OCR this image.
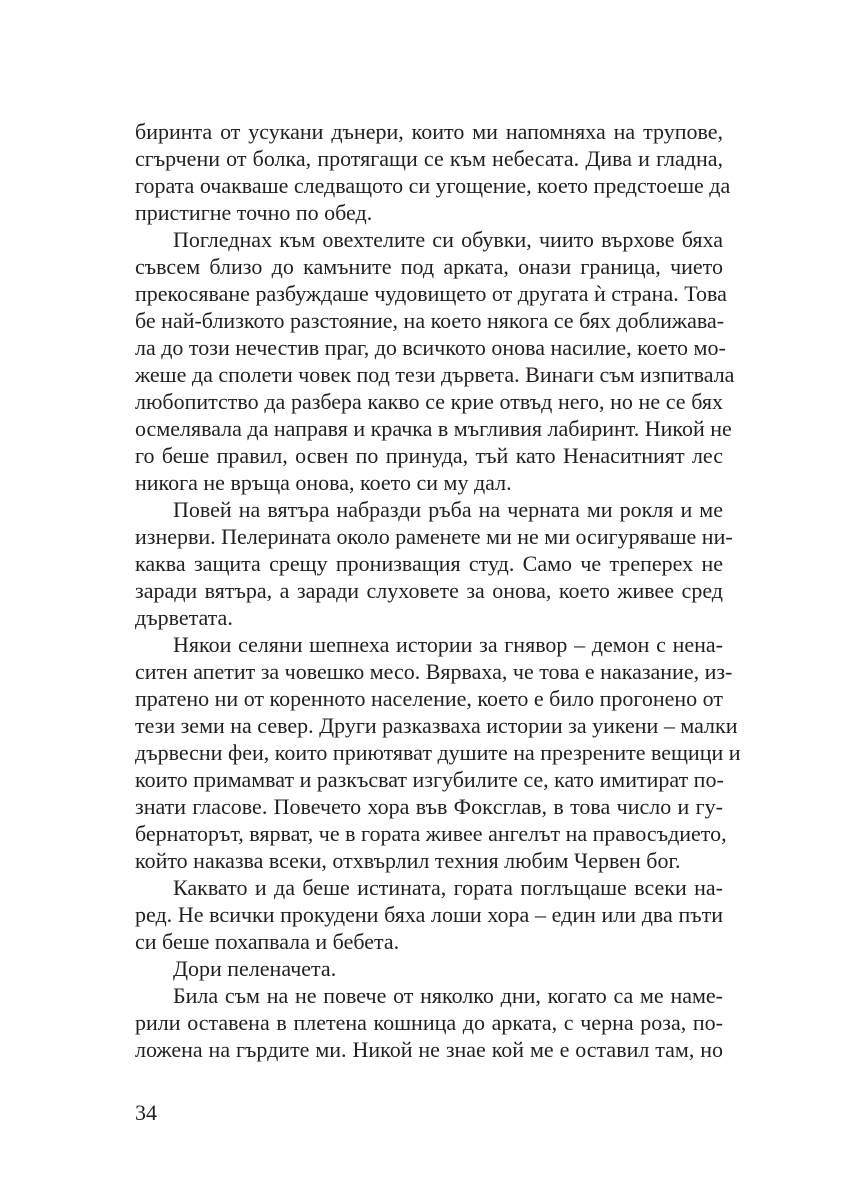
биринта от усукани дънери, които ми напомняха на трупове,
сгърчени от болка, протягащи се към небесата. Дива и гладна,
гората очакваше следващото си угощение, което предстоеше да
пристигне точно по обед.
Погледнах към овехтелите си обувки, чиито върхове бяха
съвсем близо до камъните под арката, онази граница, чието
прекосяване разбуждаше чудовището от другата ѝ страна. Това
бе най-близкото разстояние, на което някога се бях доближава-
ла до този нечестив праг, до всичкото онова насилие, което мо-
жеше да сполети човек под тези дървета. Винаги съм изпитвала
любопитство да разбера какво се крие отвъд него, но не се бях
осмелявала да направя и крачка в мъгливия лабиринт. Никой не
го беше правил, освен по принуда, тъй като Ненаситният лес
никога не връща онова, което си му дал.
Повей на вятъра набразди ръба на черната ми рокля и ме
изнерви. Пелерината около раменете ми не ми осигуряваше ни-
каква защита срещу пронизващия студ. Само че треперех не
заради вятъра, а заради слуховете за онова, което живее сред
дърветата.
Някои селяни шепнеха истории за гнявор – демон с нена-
ситен апетит за човешко месо. Вярваха, че това е наказание, из-
пратено ни от коренното население, което е било прогонено от
тези земи на север. Други разказваха истории за уикени – малки
дървесни феи, които приютяват душите на презрените вещици и
които примамват и разкъсват изгубилите се, като имитират по-
знати гласове. Повечето хора във Фокcглав, в това число и гу-
бернаторът, вярват, че в гората живее ангелът на правосъдието,
който наказва всеки, отхвърлил техния любим Червен бог.
Каквато и да беше истината, гората поглъщаше всеки на-
ред. Не всички прокудени бяха лоши хора – един или два пъти
си беше похапвала и бебета.
Дори пеленачета.
Била съм на не повече от няколко дни, когато са ме наме-
рили оставена в плетена кошница до арката, с черна роза, по-
ложена на гърдите ми. Никой не знае кой ме е оставил там, но
34
